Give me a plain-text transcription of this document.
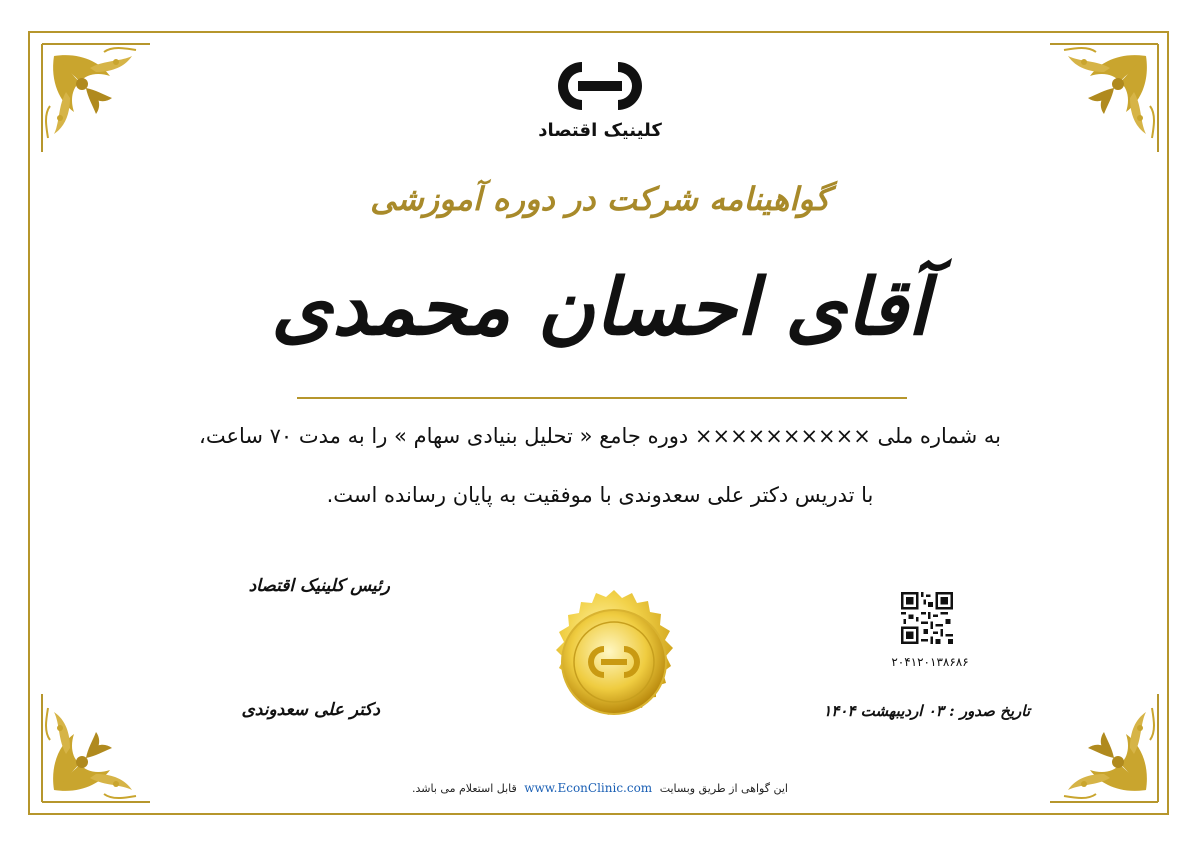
کلینیک اقتصاد
گواهینامه شرکت در دوره آموزشی
آقای احسان محمدی
به شماره ملی ×××××××××× دوره جامع « تحلیل بنیادی سهام » را به مدت ۷۰ ساعت،
با تدریس دکتر علی سعدوندی با موفقیت به پایان رسانده است.
رئیس کلینیک اقتصاد
دکتر علی سعدوندی
۲۰۴۱۲۰۱۳۸۶۸۶
تاریخ صدور : ۰۳ اردیبهشت ۱۴۰۴
این گواهی از طریق وبسایت www.EconClinic.com قابل استعلام می باشد.
